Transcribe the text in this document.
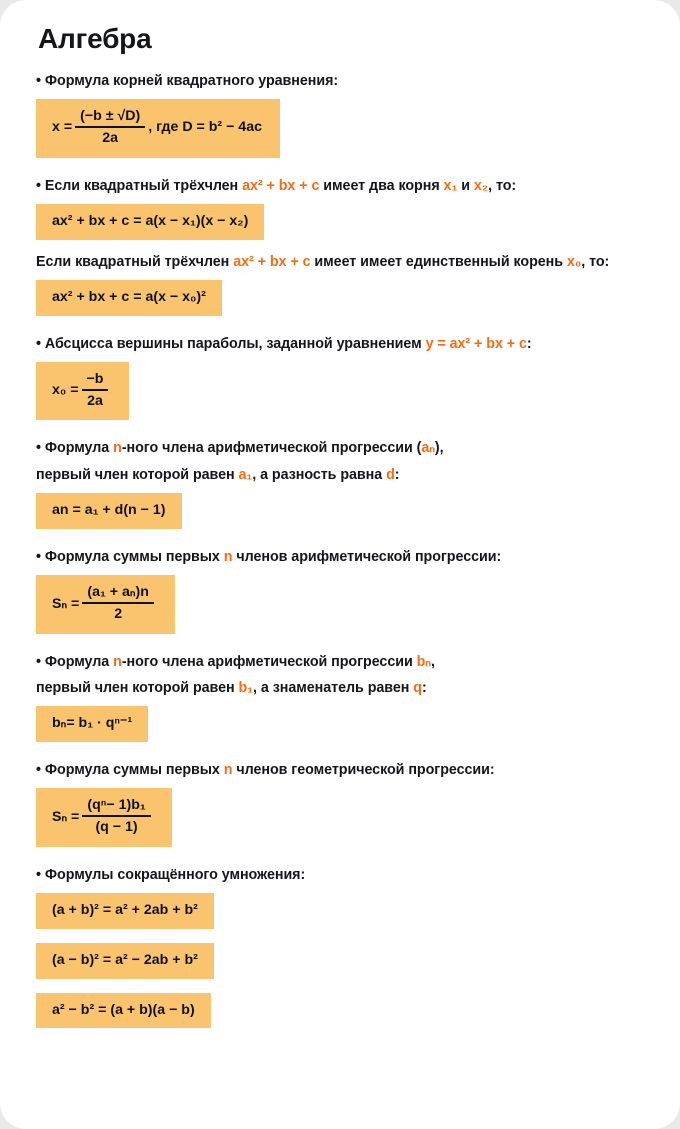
Алгебра
• Формула корней квадратного уравнения:
$x = \frac{(-b \pm √D)}{2a}$ , где D = b² − 4ac
• Если квадратный трёхчлен ax² + bx + c имеет два корня x₁ и x₂, то:
ax² + bx + c = a(x − x₁)(x − x₂)
Если квадратный трёхчлен ax² + bx + c имеет имеет единственный корень x₀, то:
ax² + bx + c = a(x − x₀)²
• Абсцисса вершины параболы, заданной уравнением y = ax² + bx + c:
$x_0 = \frac{-b}{2a}$
• Формула n-ного члена арифметической прогрессии (aₙ),
первый член которой равен a₁, а разность равна d:
an = a₁ + d(n − 1)
• Формула суммы первых n членов арифметической прогрессии:
$S_n = \frac{\text{(a₁ + aₙ)n}}{2}$
• Формула n-ного члена арифметической прогрессии bₙ,
первый член которой равен b₁, а знаменатель равен q:
bₙ= b₁ · qⁿ⁻¹
• Формула суммы первых n членов геометрической прогрессии:
$S_n = \frac{\text{(qⁿ− 1)b₁}}{(q - 1)}$
• Формулы сокращённого умножения:
(a + b)² = a² + 2ab + b²
(a − b)² = a² − 2ab + b²
a² − b² = (a + b)(a − b)
